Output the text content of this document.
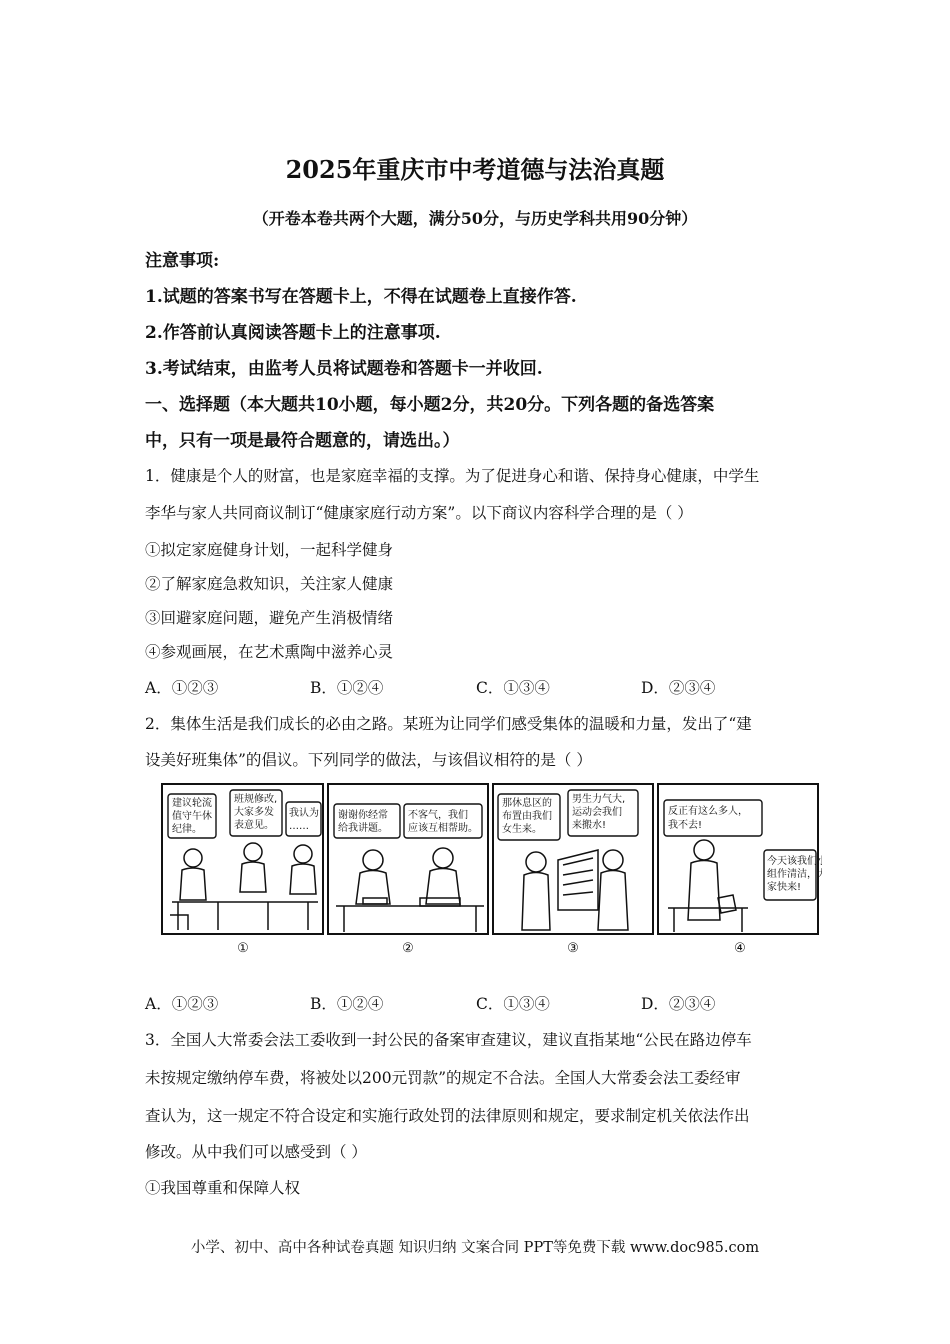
2025年重庆市中考道德与法治真题
（开卷本卷共两个大题，满分50分，与历史学科共用90分钟）
注意事项:
1.试题的答案书写在答题卡上，不得在试题卷上直接作答.
2.作答前认真阅读答题卡上的注意事项.
3.考试结束，由监考人员将试题卷和答题卡一并收回.
一、选择题（本大题共10小题，每小题2分，共20分。下列各题的备选答案
中，只有一项是最符合题意的，请选出。）
1．健康是个人的财富，也是家庭幸福的支撑。为了促进身心和谐、保持身心健康，中学生
李华与家人共同商议制订“健康家庭行动方案”。以下商议内容科学合理的是（ ）
①拟定家庭健身计划，一起科学健身
②了解家庭急救知识，关注家人健康
③回避家庭问题，避免产生消极情绪
④参观画展，在艺术熏陶中滋养心灵
A．①②③	B．①②④	C．①③④	D．②③④
2．集体生活是我们成长的必由之路。某班为让同学们感受集体的温暖和力量，发出了“建
设美好班集体”的倡议。下列同学的做法，与该倡议相符的是（ ）
建议轮流
值守午休
纪律。
班规修改,
大家多发
表意见。
我认为
……
谢谢你经常
给我讲题。
不客气，我们
应该互相帮助。
那休息区的
布置由我们
女生来。
男生力气大,
运动会我们
来搬水!
反正有这么多人，
我不去!
今天该我们小
组作清洁，大
家快来!
①	②	③	④
A．①②③	B．①②④	C．①③④	D．②③④
3．全国人大常委会法工委收到一封公民的备案审查建议，建议直指某地“公民在路边停车
未按规定缴纳停车费，将被处以200元罚款”的规定不合法。全国人大常委会法工委经审
查认为，这一规定不符合设定和实施行政处罚的法律原则和规定，要求制定机关依法作出
修改。从中我们可以感受到（ ）
①我国尊重和保障人权
小学、初中、高中各种试卷真题 知识归纳 文案合同 PPT等免费下载 www.doc985.com
